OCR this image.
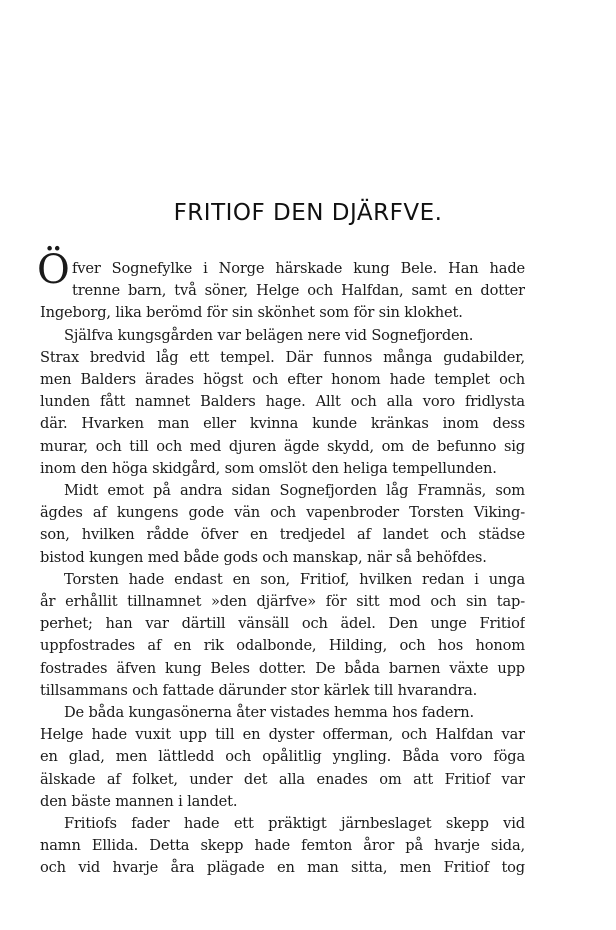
FRITIOF DEN DJÄRFVE.
Ö fver Sognefylke i Norge härskade kung Bele. Han hade
trenne barn, två söner, Helge och Halfdan, samt en dotter
Ingeborg, lika berömd för sin skönhet som för sin klokhet.
Själfva kungsgården var belägen nere vid Sognefjorden.
Strax bredvid låg ett tempel. Där funnos många gudabilder,
men Balders ärades högst och efter honom hade templet och
lunden fått namnet Balders hage. Allt och alla voro fridlysta
där. Hvarken man eller kvinna kunde kränkas inom dess
murar, och till och med djuren ägde skydd, om de befunno sig
inom den höga skidgård, som omslöt den heliga tempellunden.
Midt emot på andra sidan Sognefjorden låg Framnäs, som
ägdes af kungens gode vän och vapenbroder Torsten Viking-
son, hvilken rådde öfver en tredjedel af landet och städse
bistod kungen med både gods och manskap, när så behöfdes.
Torsten hade endast en son, Fritiof, hvilken redan i unga
år erhållit tillnamnet »den djärfve» för sitt mod och sin tap-
perhet; han var därtill vänsäll och ädel. Den unge Fritiof
uppfostrades af en rik odalbonde, Hilding, och hos honom
fostrades äfven kung Beles dotter. De båda barnen växte upp
tillsammans och fattade därunder stor kärlek till hvarandra.
De båda kungasönerna åter vistades hemma hos fadern.
Helge hade vuxit upp till en dyster offerman, och Halfdan var
en glad, men lättledd och opålitlig yngling. Båda voro föga
älskade af folket, under det alla enades om att Fritiof var
den bäste mannen i landet.
Fritiofs fader hade ett präktigt järnbeslaget skepp vid
namn Ellida. Detta skepp hade femton åror på hvarje sida,
och vid hvarje åra plägade en man sitta, men Fritiof tog
